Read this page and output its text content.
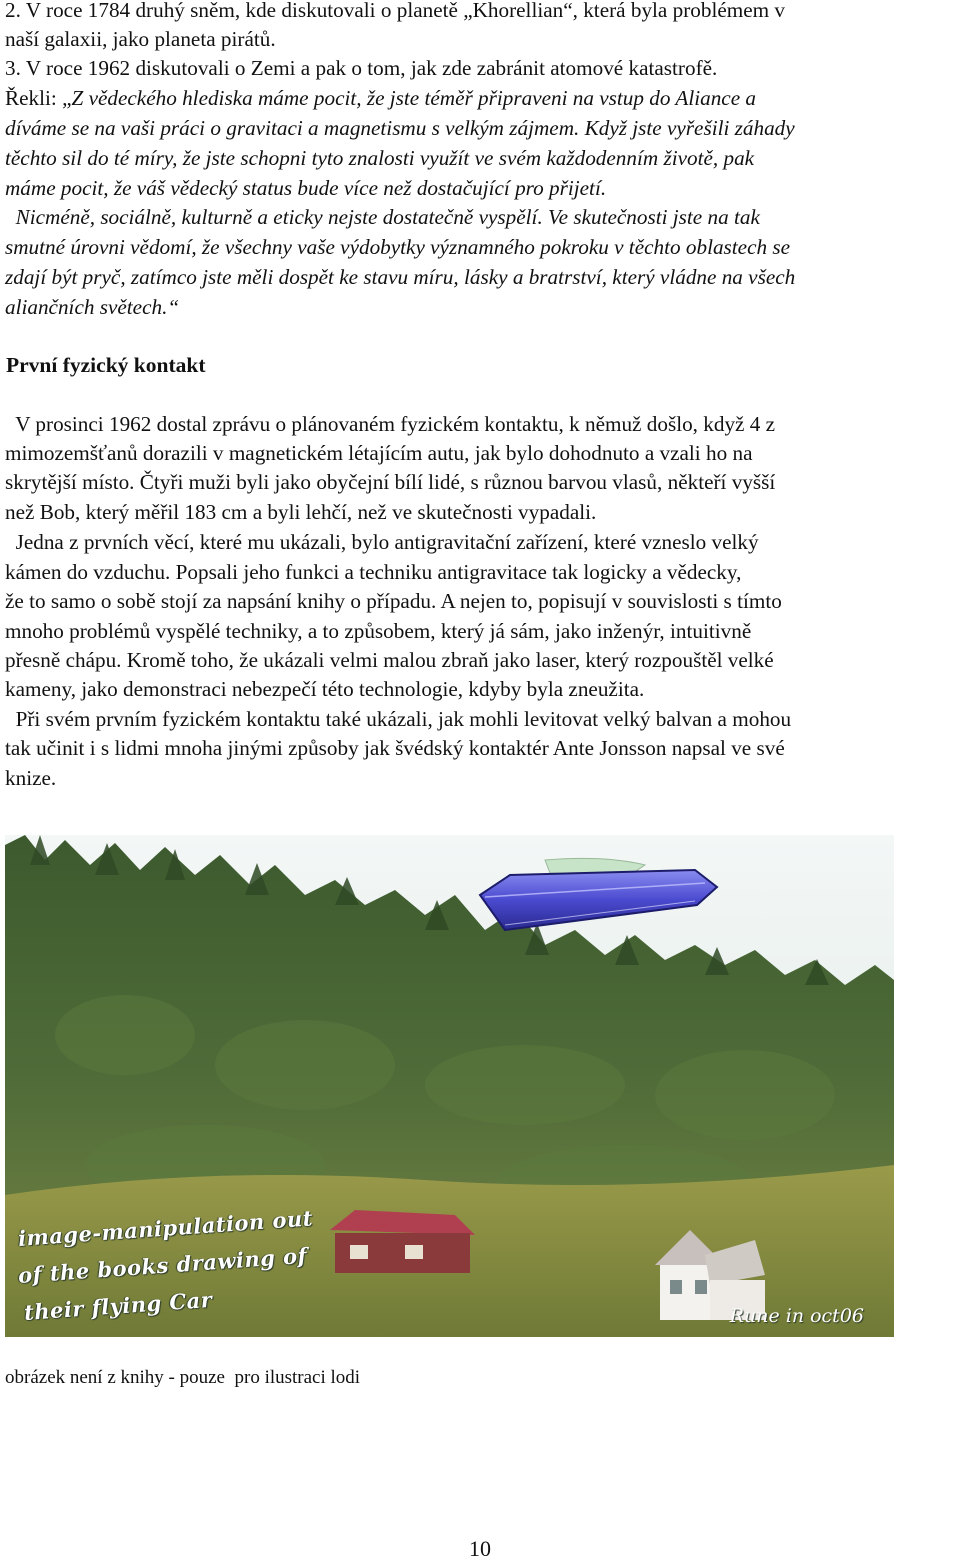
2. V roce 1784 druhý sněm, kde diskutovali o planetě „Khorellian“, která byla problémem v
naší galaxii, jako planeta pirátů.
3. V roce 1962 diskutovali o Zemi a pak o tom, jak zde zabránit atomové katastrofě.
Řekli: „Z vědeckého hlediska máme pocit, že jste téměř připraveni na vstup do Aliance a
díváme se na vaši práci o gravitaci a magnetismu s velkým zájmem. Když jste vyřešili záhady
těchto sil do té míry, že jste schopni tyto znalosti využít ve svém každodenním životě, pak
máme pocit, že váš vědecký status bude více než dostačující pro přijetí.
Nicméně, sociálně, kulturně a eticky nejste dostatečně vyspělí. Ve skutečnosti jste na tak
smutné úrovni vědomí, že všechny vaše výdobytky významného pokroku v těchto oblastech se
zdají být pryč, zatímco jste měli dospět ke stavu míru, lásky a bratrství, který vládne na všech
aliančních světech.“
První fyzický kontakt
V prosinci 1962 dostal zprávu o plánovaném fyzickém kontaktu, k němuž došlo, když 4 z
mimozemšťanů dorazili v magnetickém létajícím autu, jak bylo dohodnuto a vzali ho na
skrytější místo. Čtyři muži byli jako obyčejní bílí lidé, s různou barvou vlasů, někteří vyšší
než Bob, který měřil 183 cm a byli lehčí, než ve skutečnosti vypadali.
Jedna z prvních věcí, které mu ukázali, bylo antigravitační zařízení, které vzneslo velký
kámen do vzduchu. Popsali jeho funkci a techniku antigravitace tak logicky a vědecky,
že to samo o sobě stojí za napsání knihy o případu. A nejen to, popisují v souvislosti s tímto
mnoho problémů vyspělé techniky, a to způsobem, který já sám, jako inženýr, intuitivně
přesně chápu. Kromě toho, že ukázali velmi malou zbraň jako laser, který rozpouštěl velké
kameny, jako demonstraci nebezpečí této technologie, kdyby byla zneužita.
Při svém prvním fyzickém kontaktu také ukázali, jak mohli levitovat velký balvan a mohou
tak učinit i s lidmi mnoha jinými způsoby jak švédský kontaktér Ante Jonsson napsal ve své
knize.
image-manipulation out
of the books drawing of
their flying Car	Rune in oct06
obrázek není z knihy - pouze  pro ilustraci lodi
10
